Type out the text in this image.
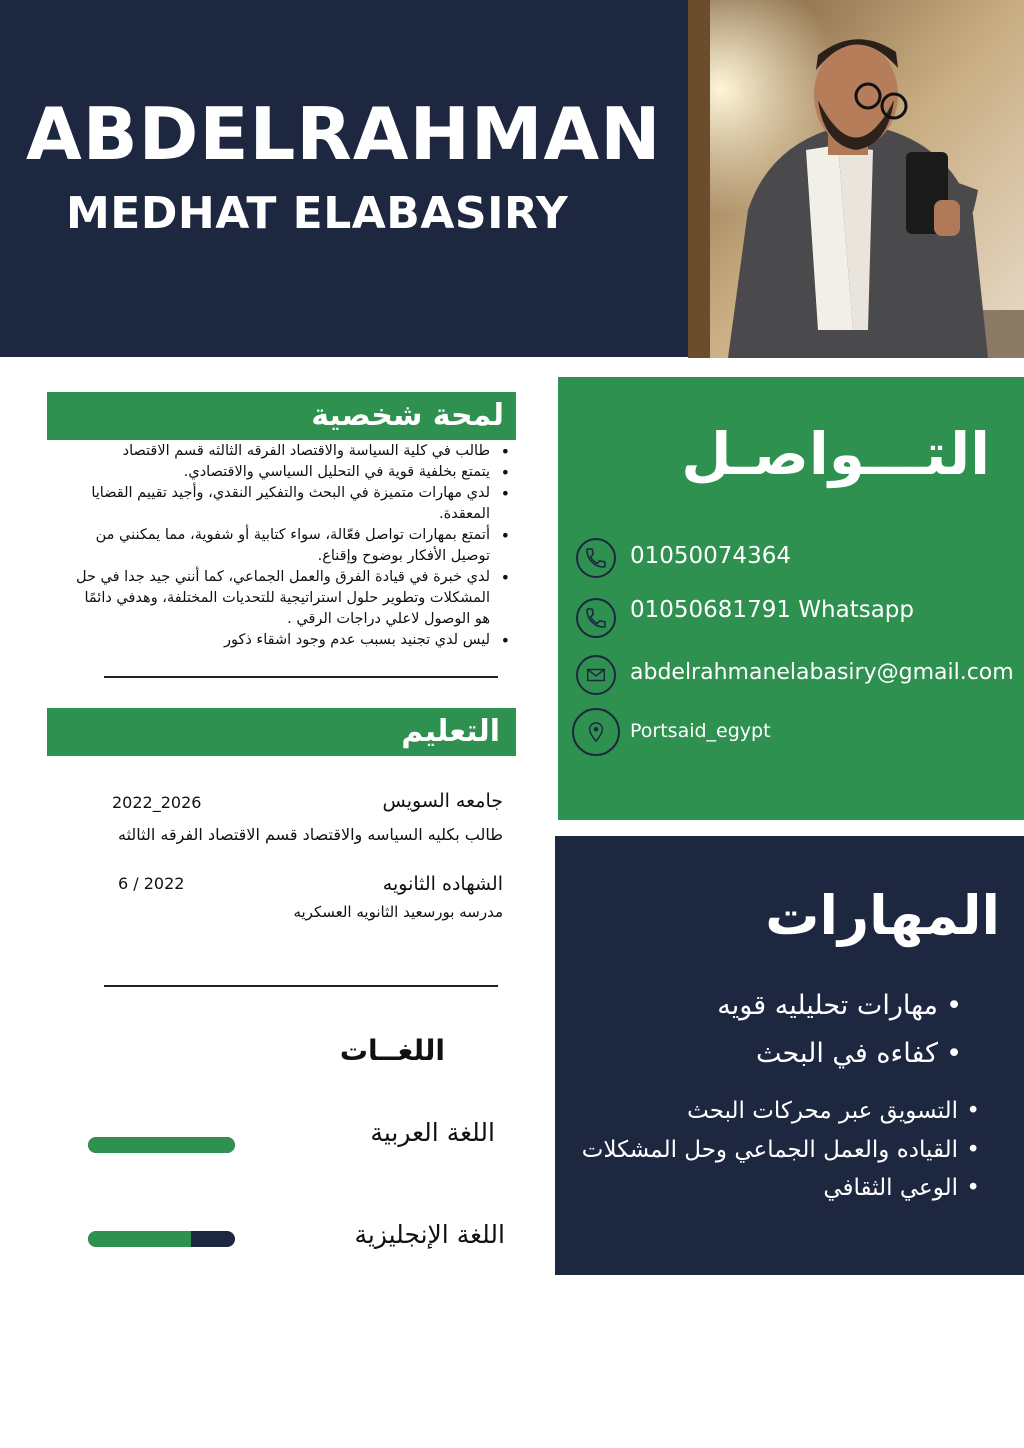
ABDELRAHMAN
MEDHAT ELABASIRY
لمحة شخصية
• طالب في كلية السياسة والاقتصاد الفرقه الثالثه قسم الاقتصاد
• يتمتع بخلفية قوية في التحليل السياسي والاقتصادي.
• لدي مهارات متميزة في البحث والتفكير النقدي، وأجيد تقييم القضايا المعقدة.
• أتمتع بمهارات تواصل فعّالة، سواء كتابية أو شفوية، مما يمكنني من توصيل الأفكار بوضوح وإقناع.
• لدي خبرة في قيادة الفرق والعمل الجماعي، كما أنني جيد جدا في حل المشكلات وتطوير حلول استراتيجية للتحديات المختلفة، وهدفي دائمًا هو الوصول لاعلي دراجات الرقي .
• ليس لدي تجنيد بسبب عدم وجود اشقاء ذكور
التعليم
جامعه السويس
2022_2026
طالب بكليه السياسه والاقتصاد قسم الاقتصاد الفرقه الثالثه
الشهاده الثانويه
6 / 2022
مدرسه بورسعيد الثانويه العسكريه
اللغــات
اللغة العربية
اللغة الإنجليزية
التـــواصـل
01050074364
01050681791 Whatsapp
abdelrahmanelabasiry@gmail.com
Portsaid_egypt
المهارات
• مهارات تحليليه قويه
• كفاءه في البحث
• التسويق عبر محركات البحث
• القياده والعمل الجماعي وحل المشكلات
• الوعي الثقافي
